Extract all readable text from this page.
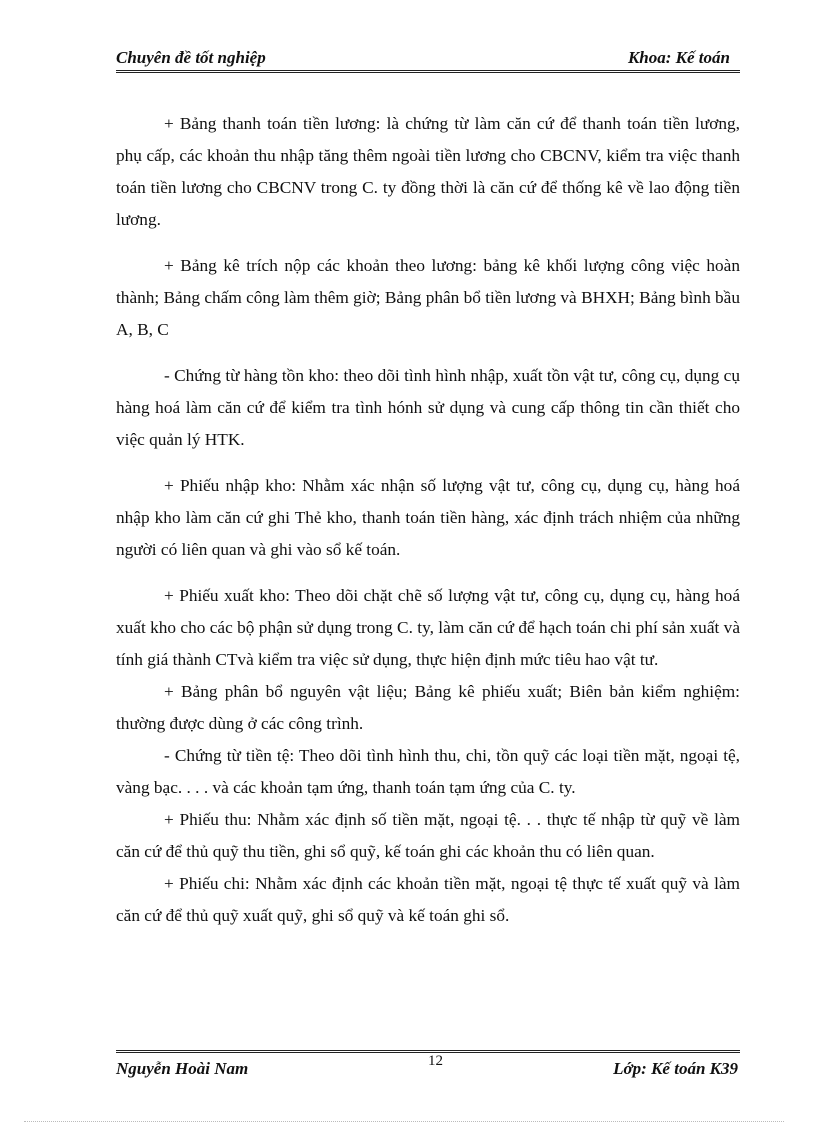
Chuyên đề tốt nghiệp	Khoa: Kế toán

+ Bảng thanh toán tiền lương: là chứng từ làm căn cứ để thanh toán tiền lương, phụ cấp, các khoản thu nhập tăng thêm ngoài tiền lương cho CBCNV, kiểm tra việc thanh toán tiền lương cho CBCNV trong C. ty đồng thời là căn cứ để thống kê về lao động tiền lương.

+ Bảng kê trích nộp các khoản theo lương: bảng kê khối lượng công việc hoàn thành; Bảng chấm công làm thêm giờ; Bảng phân bổ tiền lương và BHXH; Bảng bình bầu A, B, C

- Chứng từ hàng tồn kho: theo dõi tình hình nhập, xuất tồn vật tư, công cụ, dụng cụ hàng hoá làm căn cứ để kiểm tra tình hónh sử dụng và cung cấp thông tin cần thiết cho việc quản lý HTK.

+ Phiếu nhập kho: Nhằm xác nhận số lượng vật tư, công cụ, dụng cụ, hàng hoá nhập kho làm căn cứ ghi Thẻ kho, thanh toán tiền hàng, xác định trách nhiệm của những người có liên quan và ghi vào sổ kế toán.

+ Phiếu xuất kho: Theo dõi chặt chẽ số lượng vật tư, công cụ, dụng cụ, hàng hoá xuất kho cho các bộ phận sử dụng trong C. ty, làm căn cứ để hạch toán chi phí sản xuất và tính giá thành CTvà kiểm tra việc sử dụng, thực hiện định mức tiêu hao vật tư.

+ Bảng phân bổ nguyên vật liệu; Bảng kê phiếu xuất; Biên bản kiểm nghiệm: thường được dùng ở các công trình.

- Chứng từ tiền tệ: Theo dõi tình hình thu, chi, tồn quỹ các loại tiền mặt, ngoại tệ, vàng bạc. . . . và các khoản tạm ứng, thanh toán tạm ứng của C. ty.

+ Phiếu thu: Nhằm xác định số tiền mặt, ngoại tệ. . . thực tế nhập từ quỹ về làm căn cứ để thủ quỹ thu tiền, ghi sổ quỹ, kế toán ghi các khoản thu có liên quan.

+ Phiếu chi: Nhằm xác định các khoản tiền mặt, ngoại tệ thực tế xuất quỹ và làm căn cứ để thủ quỹ xuất quỹ, ghi sổ quỹ và kế toán ghi sổ.

Nguyễn Hoài Nam	12	Lớp: Kế toán K39
